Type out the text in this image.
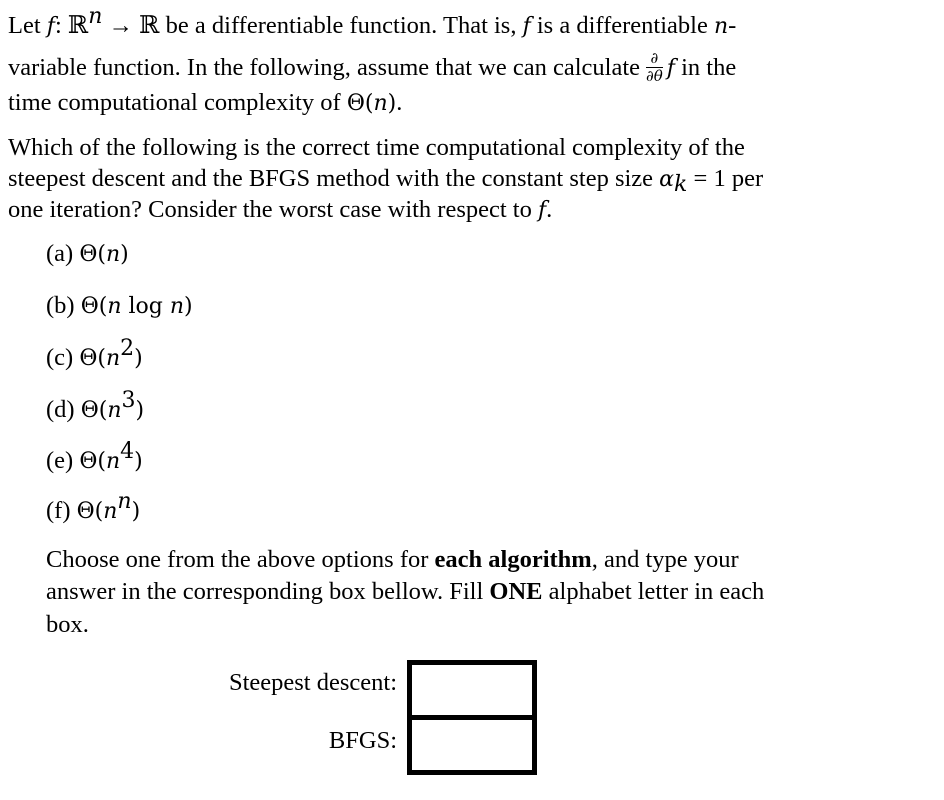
Let f: ℝ$^n$ → ℝ be a differentiable function. That is, f is a differentiable n-
variable function. In the following, assume that we can calculate $\frac{\partial}{\partial\theta}$ f in the
time computational complexity of Θ(n).
Which of the following is the correct time computational complexity of the
steepest descent and the BFGS method with the constant step size $\alpha_k = 1$ per
one iteration? Consider the worst case with respect to f.
(a) Θ(n)
(b) Θ(n log n)
(c) $\Theta(n^2)$
(d) $\Theta(n^3)$
(e) $\Theta(n^4)$
(f) $\Theta(n^n)$
Choose one from the above options for each algorithm, and type your
answer in the corresponding box bellow. Fill ONE alphabet letter in each
box.
Steepest descent:
BFGS:
